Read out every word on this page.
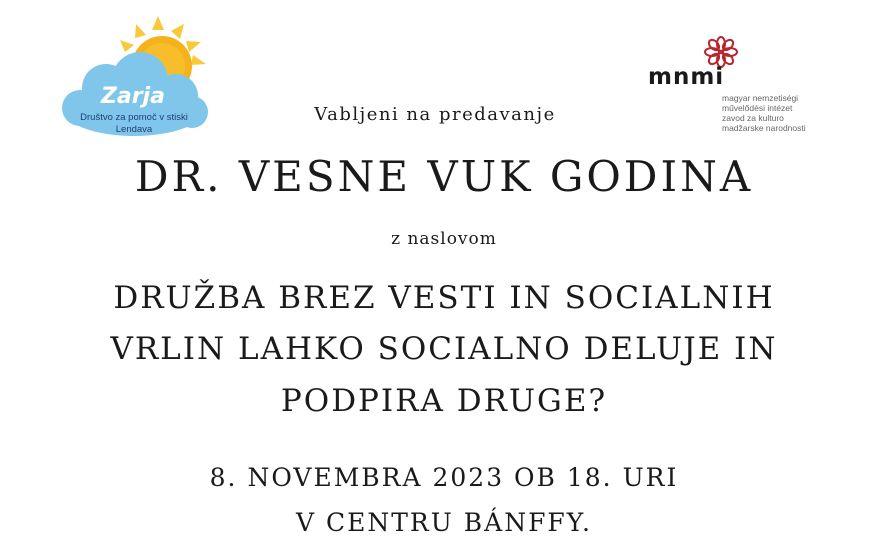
Zarja
Društvo za pomoč v stiski
Lendava
mnmi
magyar nemzetiségi
művelődési intézet
zavod za kulturo
madžarske narodnosti
Vabljeni na predavanje
DR. VESNE VUK GODINA
z naslovom
DRUŽBA BREZ VESTI IN SOCIALNIH
VRLIN LAHKO SOCIALNO DELUJE IN
PODPIRA DRUGE?
8. NOVEMBRA 2023 OB 18. URI
V CENTRU BÁNFFY.
